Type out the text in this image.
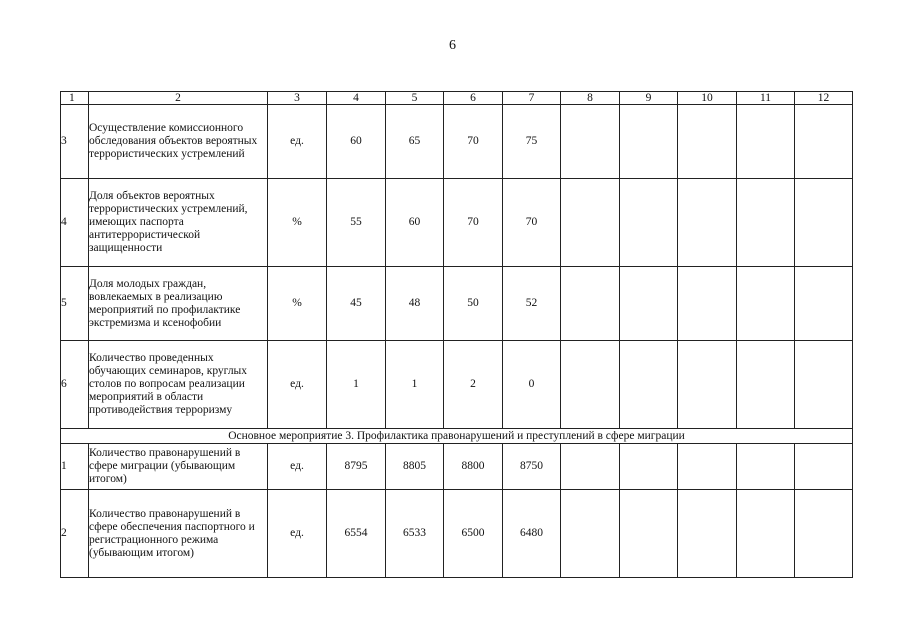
6
1	2	3	4	5	6	7	8	9	10	11	12
3	Осуществление комиссионного обследования объектов вероятных террористических устремлений	ед.	60	65	70	75					
4	Доля объектов вероятных террористических устремлений, имеющих паспорта антитеррористической защищенности	%	55	60	70	70					
5	Доля молодых граждан, вовлекаемых в реализацию мероприятий по профилактике экстремизма и ксенофобии	%	45	48	50	52					
6	Количество проведенных обучающих семинаров, круглых столов по вопросам реализации мероприятий в области противодействия терроризму	ед.	1	1	2	0					
Основное мероприятие 3. Профилактика правонарушений и преступлений в сфере миграции											
1	Количество правонарушений в сфере миграции (убывающим итогом)	ед.	8795	8805	8800	8750					
2	Количество правонарушений в сфере обеспечения паспортного и регистрационного режима (убывающим итогом)	ед.	6554	6533	6500	6480					
